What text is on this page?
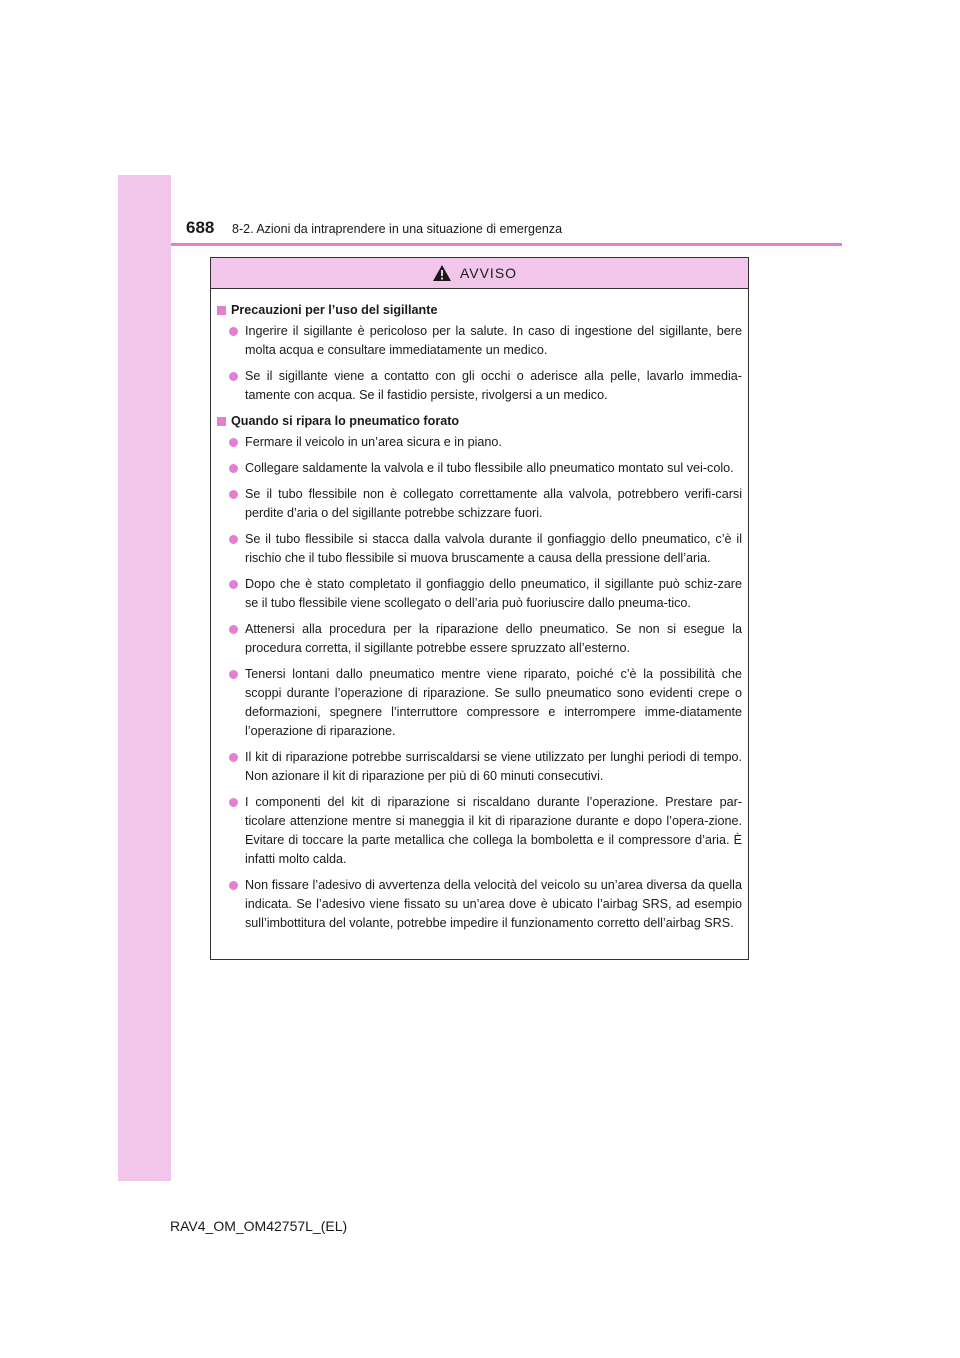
688 8-2. Azioni da intraprendere in una situazione di emergenza
AVVISO
Precauzioni per l’uso del sigillante
Ingerire il sigillante è pericoloso per la salute. In caso di ingestione del sigillante, bere molta acqua e consultare immediatamente un medico.
Se il sigillante viene a contatto con gli occhi o aderisce alla pelle, lavarlo immedia-tamente con acqua. Se il fastidio persiste, rivolgersi a un medico.
Quando si ripara lo pneumatico forato
Fermare il veicolo in un’area sicura e in piano.
Collegare saldamente la valvola e il tubo flessibile allo pneumatico montato sul vei-colo.
Se il tubo flessibile non è collegato correttamente alla valvola, potrebbero verifi-carsi perdite d’aria o del sigillante potrebbe schizzare fuori.
Se il tubo flessibile si stacca dalla valvola durante il gonfiaggio dello pneumatico, c’è il rischio che il tubo flessibile si muova bruscamente a causa della pressione dell’aria.
Dopo che è stato completato il gonfiaggio dello pneumatico, il sigillante può schiz-zare se il tubo flessibile viene scollegato o dell’aria può fuoriuscire dallo pneuma-tico.
Attenersi alla procedura per la riparazione dello pneumatico. Se non si esegue la procedura corretta, il sigillante potrebbe essere spruzzato all’esterno.
Tenersi lontani dallo pneumatico mentre viene riparato, poiché c’è la possibilità che scoppi durante l’operazione di riparazione. Se sullo pneumatico sono evidenti crepe o deformazioni, spegnere l’interruttore compressore e interrompere imme-diatamente l’operazione di riparazione.
Il kit di riparazione potrebbe surriscaldarsi se viene utilizzato per lunghi periodi di tempo. Non azionare il kit di riparazione per più di 60 minuti consecutivi.
I componenti del kit di riparazione si riscaldano durante l’operazione. Prestare par-ticolare attenzione mentre si maneggia il kit di riparazione durante e dopo l’opera-zione. Evitare di toccare la parte metallica che collega la bomboletta e il compressore d’aria. È infatti molto calda.
Non fissare l’adesivo di avvertenza della velocità del veicolo su un’area diversa da quella indicata. Se l’adesivo viene fissato su un’area dove è ubicato l’airbag SRS, ad esempio sull’imbottitura del volante, potrebbe impedire il funzionamento corretto dell’airbag SRS.
RAV4_OM_OM42757L_(EL)
